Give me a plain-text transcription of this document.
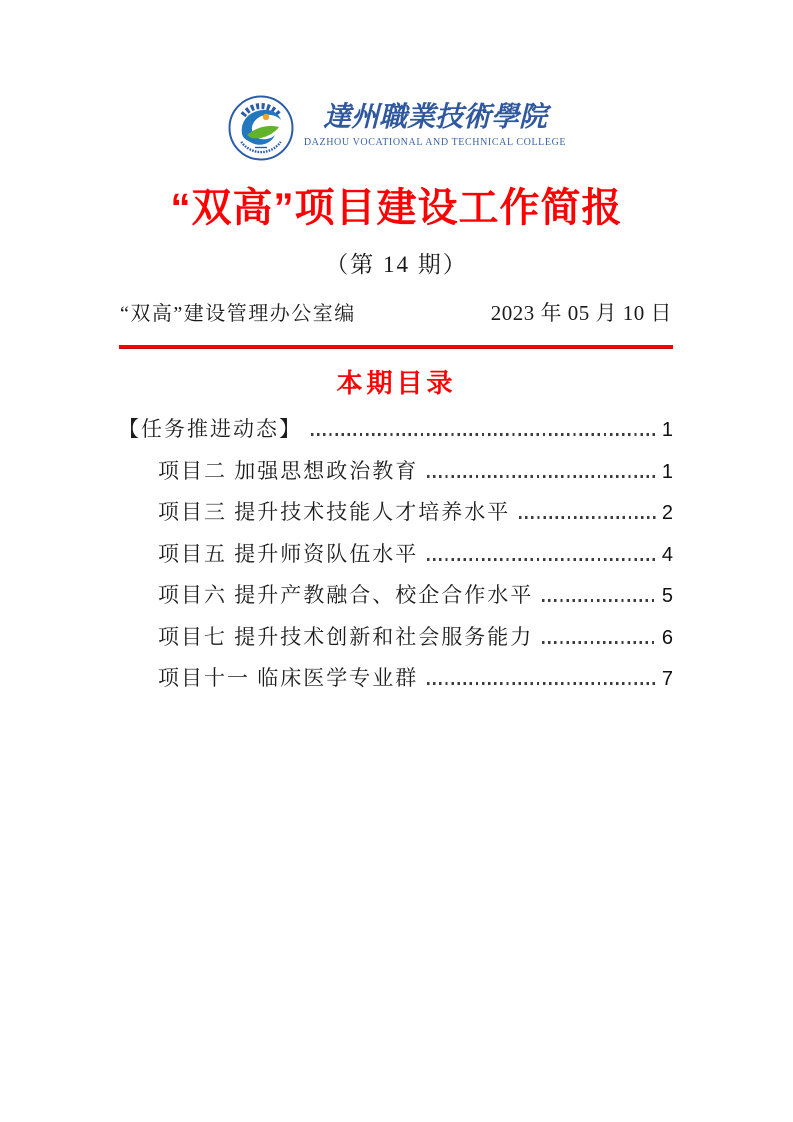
達州職業技術學院
DAZHOU VOCATIONAL AND TECHNICAL COLLEGE
“双高”项目建设工作简报
（第 14 期）
“双高”建设管理办公室编	2023 年 05 月 10 日
本期目录
【任务推进动态】	1
项目二 加强思想政治教育	1
项目三 提升技术技能人才培养水平	2
项目五 提升师资队伍水平	4
项目六 提升产教融合、校企合作水平	5
项目七 提升技术创新和社会服务能力	6
项目十一 临床医学专业群	7
